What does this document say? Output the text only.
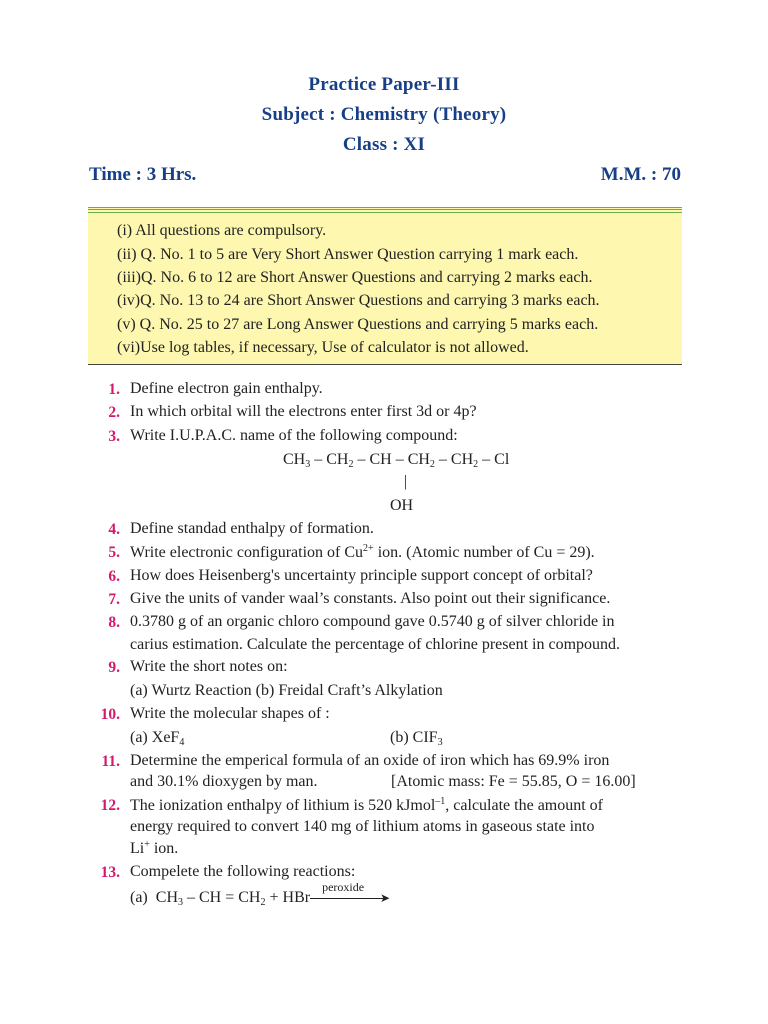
Practice Paper-III
Subject : Chemistry (Theory)
Class : XI
Time : 3 Hrs.	M.M. : 70
(i) All questions are compulsory.
(ii) Q. No. 1 to 5 are Very Short Answer Question carrying 1 mark each.
(iii)Q. No. 6 to 12 are Short Answer Questions and carrying 2 marks each.
(iv)Q. No. 13 to 24 are Short Answer Questions and carrying 3 marks each.
(v) Q. No. 25 to 27 are Long Answer Questions and carrying 5 marks each.
(vi)Use log tables, if necessary, Use of calculator is not allowed.
1. Define electron gain enthalpy.
2. In which orbital will the electrons enter first 3d or 4p?
3. Write I.U.P.A.C. name of the following compound:
$CH_3 - CH_2$ – CH – $CH_2 - CH_2$ – Cl
|
OH
4. Define standad enthalpy of formation.
5. Write electronic configuration of $Cu^{2+}$ ion. (Atomic number of Cu = 29).
6. How does Heisenberg's uncertainty principle support concept of orbital?
7. Give the units of vander waal’s constants. Also point out their significance.
8. 0.3780 g of an organic chloro compound gave 0.5740 g of silver chloride in
carius estimation. Calculate the percentage of chlorine present in compound.
9. Write the short notes on:
(a) Wurtz Reaction (b) Freidal Craft’s Alkylation
10. Write the molecular shapes of :
(a) XeF$_4$	(b) $CIF_3$
11. Determine the emperical formula of an oxide of iron which has 69.9% iron
and 30.1% dioxygen by man.	[Atomic mass: Fe = 55.85, O = 16.00]
12. The ionization enthalpy of lithium is 520 kJmol$^{-1}$, calculate the amount of
energy required to convert 140 mg of lithium atoms in gaseous state into
Li+ ion.
13. Compelete the following reactions:
(a) $CH_3$ – CH = $CH_2$ + HBr
peroxide
➤
